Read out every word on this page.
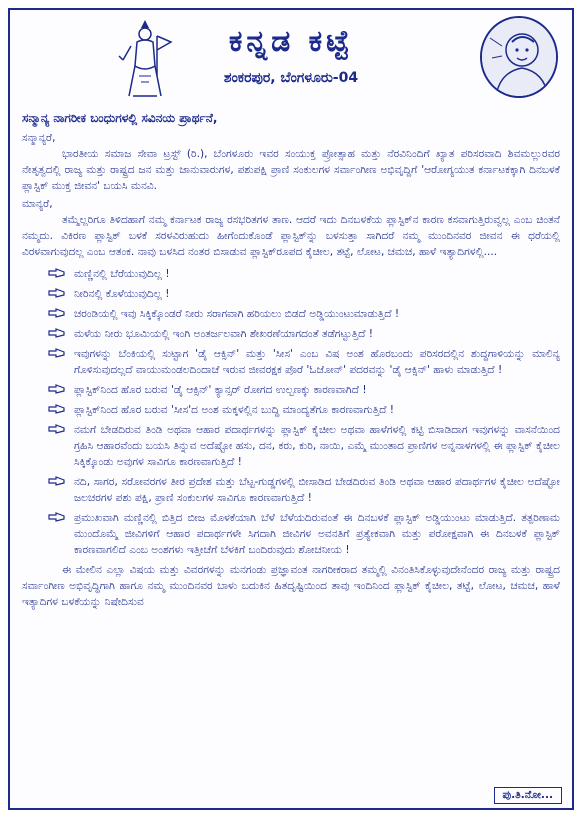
ಕನ್ನಡ ಕಟ್ಟೆ
ಶಂಕರಪುರ, ಬೆಂಗಳೂರು-04

ಸನ್ಮಾನ್ಯ ನಾಗರೀಕ ಬಂಧುಗಳಲ್ಲಿ ಸವಿನಯ ಪ್ರಾರ್ಥನೆ,

ಸನ್ಮಾನ್ಯರೆ,

ಭಾರತೀಯ ಸಮಾಜ ಸೇವಾ ಟ್ರಸ್ಟ್ (ರಿ.), ಬೆಂಗಳೂರು ಇವರ ಸಂಯುಕ್ತ ಪ್ರೋತ್ಸಾಹ ಮತ್ತು ನೆರವಿನಿಂದಿಗೆ ಖ್ಯಾತ ಪರಿಸರವಾದಿ ಶಿವಮಲ್ಲುರವರ ನೇತೃತ್ವದಲ್ಲಿ ರಾಜ್ಯ ಮತ್ತು ರಾಷ್ಟ್ರದ ಜನ ಮತ್ತು ಜಾನುವಾರುಗಳ, ಪಶುಪಕ್ಷಿ ಪ್ರಾಣಿ ಸಂಕುಲಗಳ ಸರ್ವಾಂಗೀಣ ಅಭಿವೃದ್ದಿಗೆ 'ಆರೋಗ್ಯಯುತ ಕರ್ನಾಟಕಕ್ಕಾಗಿ ದಿನಬಳಕೆ ಪ್ಲಾಸ್ಟಿಕ್ ಮುಕ್ತ ಜೀವನ' ಬಯಸಿ ಮನವಿ.

ಮಾನ್ಯರೆ,

ತಮ್ಮೆಲ್ಲರಿಗೂ ತಿಳಿದಹಾಗೆ ನಮ್ಮ ಕರ್ನಾಟಕ ರಾಜ್ಯ ರಸಭರಿತಗಳ ತಾಣ. ಆದರೆ ಇದು ದಿನಬಳಕೆಯ ಪ್ಲಾಸ್ಟಿಕ್‌ನ ಕಾರಣ ಕಸವಾಗುತ್ತಿರುವ್ವಲ್ಲ ಎಂಬ ಚಿಂತನೆ ನಮ್ಮದು. ವಿಕಿರಣ ಪ್ಲಾಸ್ಟಿಕ್ ಬಳಕೆ ಸರಳವಿರುಹುದು ಹೀಗೆಂದುಕೊಂಡೆ ಪ್ಲಾಸ್ಟಿಕ್‌ನ್ನು ಬಳಸುತ್ತಾ ಸಾಗಿದರೆ ನಮ್ಮ ಮುಂದಿನವರ ಜೀವನ ಈ ಧರೆಯಲ್ಲಿ ವಿರಳವಾಗುವುದಲ್ಲ ಎಂಬ ಆತಂಕ. ನಾವು ಬಳಸಿದ ನಂತರ ಬಿಸಾಡುವ ಪ್ಲಾಸ್ಟಿಕ್‌ರೂಪದ ಕೈಚೀಲ, ತಟ್ಟೆ, ಲೋಟ, ಚಮಚ, ಹಾಳೆ ಇತ್ಯಾದಿಗಳಲ್ಲಿ....

ಮಣ್ಣಿನಲ್ಲಿ ಬೆರೆಯುವುದಿಲ್ಲ !
ನೀರಿನಲ್ಲಿ ಕೊಳೆಯುವುದಿಲ್ಲ !
ಚರಂಡಿಯಲ್ಲಿ ಇವು ಸಿಕ್ಕಿಕ್ಕೊಂಡರೆ ನೀರು ಸರಾಗವಾಗಿ ಹರಿಯಲು ಬಿಡದೆ ಅಡ್ಡಿಯುಂಟುಮಾಡುತ್ತಿದೆ !
ಮಳೆಯ ನೀರು ಭೂಮಿಯಲ್ಲಿ ಇಂಗಿ ಅಂತರ್ಜಲವಾಗಿ ಶೇಖರಣೆಯಾಗದಂತೆ ತಡೆಗಟ್ಟುತ್ತಿದೆ !
ಇವುಗಳನ್ನು ಬೆಂಕಿಯಲ್ಲಿ ಸುಟ್ಟಾಗ 'ಡೈ ಆಕ್ಸಿನ್' ಮತ್ತು 'ಸೀಸ' ಎಂಬ ವಿಷ ಅಂಶ ಹೊರಬಂದು ಪರಿಸರದಲ್ಲಿನ ಶುದ್ಧಗಾಳಿಯನ್ನು ಮಾಲಿನ್ಯ ಗೊಳಿಸುವುದಲ್ಲದೆ ವಾಯುಮಂಡಲದಿಂದಾಚೆ ಇರುವ ಜೀವರಕ್ಷಕ ಪೊರೆ 'ಓಜೋನ್' ಪದರವನ್ನು 'ಡೈ ಆಕ್ಸಿನ್' ಹಾಳು ಮಾಡುತ್ತಿದೆ !
ಪ್ಲಾಸ್ಟಿಕ್‌ನಿಂದ ಹೊರ ಬರುವ 'ಡೈ ಆಕ್ಸಿನ್' ಕ್ಯಾನ್ಸರ್ ರೋಗದ ಉಲ್ಬಣಕ್ಕು ಕಾರಣವಾಗಿದೆ !
ಪ್ಲಾಸ್ಟಿಕ್‌ನಿಂದ ಹೊರ ಬರುವ 'ಸೀಸ'ದ ಅಂಶ ಮಕ್ಕಳಲ್ಲಿನ ಬುದ್ಧಿ ಮಾಂದ್ಯತೆಗೂ ಕಾರಣವಾಗುತ್ತಿದೆ !
ನಮಗೆ ಬೇಡದಿರುವ ತಿಂಡಿ ಅಥವಾ ಆಹಾರ ಪದಾರ್ಥಗಳನ್ನು ಪ್ಲಾಸ್ಟಿಕ್ ಕೈಚೀಲ ಅಥವಾ ಹಾಳೆಗಳಲ್ಲಿ ಕಟ್ಟಿ ಬಿಸಾಡಿದಾಗ ಇವುಗಳನ್ನು ವಾಸನೆಯಿಂದ ಗ್ರಹಿಸಿ ಆಹಾರವೆಂದು ಬಯಸಿ ತಿನ್ನುವ ಅದೆಷ್ಟೋ ಹಸು, ದನ, ಕರು, ಕುರಿ, ನಾಯಿ, ಎಮ್ಮೆ ಮುಂತಾದ ಪ್ರಾಣಿಗಳ ಅನ್ನನಾಳಗಳಲ್ಲಿ ಈ ಪ್ಲಾಸ್ಟಿಕ್ ಕೈಚೀಲ ಸಿಕ್ಕಿಕ್ಕೊಂಡು ಅವುಗಳ ಸಾವಿಗೂ ಕಾರಣವಾಗುತ್ತಿದೆ !
ನದಿ, ಸಾಗರ, ಸರೋವರಗಳ ತೀರ ಪ್ರದೇಶ ಮತ್ತು ಬೆಟ್ಟ-ಗುಡ್ಡಗಳಲ್ಲಿ ಬೀಸಾಡಿದ ಬೇಡದಿರುವ ತಿಂಡಿ ಅಥವಾ ಆಹಾರ ಪದಾರ್ಥಗಳ ಕೈಚೀಲ ಅದೆಷ್ಟೋ ಜಲಚರಗಳ ಪಶು ಪಕ್ಷಿ, ಪ್ರಾಣಿ ಸಂಕುಲಗಳ ಸಾವಿಗೂ ಕಾರಣವಾಗುತ್ತಿದೆ !
ಪ್ರಮುಖವಾಗಿ ಮಣ್ಣಿನಲ್ಲಿ ಬಿತ್ತಿದ ಬೀಜ ಮೊಳಕೆಯಾಗಿ ಬೆಳೆ ಬೆಳೆಯದಿರುವಂತೆ ಈ ದಿನಬಳಕೆ ಪ್ಲಾಸ್ಟಿಕ್ ಅಡ್ಡಿಯುಂಟು ಮಾಡುತ್ತಿದೆ. ತತ್ಪರಿಣಾಮ ಮುಂದೊಮ್ಮೆ ಜೀವಿಗಳಿಗೆ ಆಹಾರ ಪದಾರ್ಥಗಳೇ ಸಿಗದಾಗಿ ಜೀವಿಗಳ ಅವನತಿಗೆ ಪ್ರತ್ಯೇಕವಾಗಿ ಮತ್ತು ಪರೋಕ್ಷವಾಗಿ ಈ ದಿನಬಳಕೆ ಪ್ಲಾಸ್ಟಿಕ್ ಕಾರಣವಾಗಲಿದೆ ಎಂಬ ಅಂಶಗಳು ಇತ್ತೀಚೆಗೆ ಬೆಳಕಿಗೆ ಬಂದಿರುವುದು ಶೋಚನೀಯ !

ಈ ಮೇಲಿನ ಎಲ್ಲಾ ವಿಷಯ ಮತ್ತು ವಿವರಗಳನ್ನು ಮನಗಂಡು ಪ್ರಜ್ಞಾವಂತ ನಾಗರೀಕರಾದ ತಮ್ಮಲ್ಲಿ ವಿನಂತಿಸಿಕೊಳ್ಳುವುದೇನೆಂದರ ರಾಜ್ಯ ಮತ್ತು ರಾಷ್ಟ್ರದ ಸರ್ವಾಂಗೀಣ ಅಭಿವೃದ್ಧಿಗಾಗಿ ಹಾಗೂ ನಮ್ಮ ಮುಂದಿನವರ ಬಾಳು ಬದುಕಿನ ಹಿತದೃಷ್ಟಿಯಿಂದ ತಾವು ಇಂದಿನಿಂದ ಪ್ಲಾಸ್ಟಿಕ್ ಕೈಚೀಲ, ತಟ್ಟೆ, ಲೋಟ, ಚಮಚ, ಹಾಳೆ ಇತ್ಯಾದಿಗಳ ಬಳಕೆಯನ್ನು ನಿಷೇದಿಸುವ

ಪು.ತಿ.ನೋ...
